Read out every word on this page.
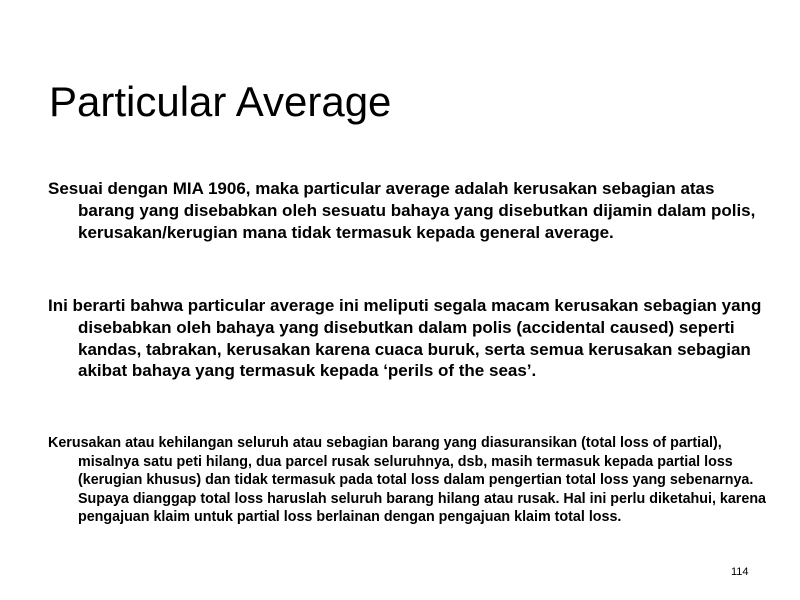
Particular Average

Sesuai dengan MIA 1906, maka particular average adalah kerusakan sebagian atas barang yang disebabkan oleh sesuatu bahaya yang disebutkan dijamin dalam polis, kerusakan/kerugian mana tidak termasuk kepada general average.

Ini berarti bahwa particular average ini meliputi segala macam kerusakan sebagian yang disebabkan oleh bahaya yang disebutkan dalam polis (accidental caused) seperti kandas, tabrakan, kerusakan karena cuaca buruk, serta semua kerusakan sebagian akibat bahaya yang termasuk kepada ‘perils of the seas’.

Kerusakan atau kehilangan seluruh atau sebagian barang yang diasuransikan (total loss of partial), misalnya satu peti hilang, dua parcel rusak seluruhnya, dsb, masih termasuk kepada partial loss (kerugian khusus) dan tidak termasuk pada total loss dalam pengertian total loss yang sebenarnya. Supaya dianggap total loss haruslah seluruh barang hilang atau rusak. Hal ini perlu diketahui, karena pengajuan klaim untuk partial loss berlainan dengan pengajuan klaim total loss.

114
